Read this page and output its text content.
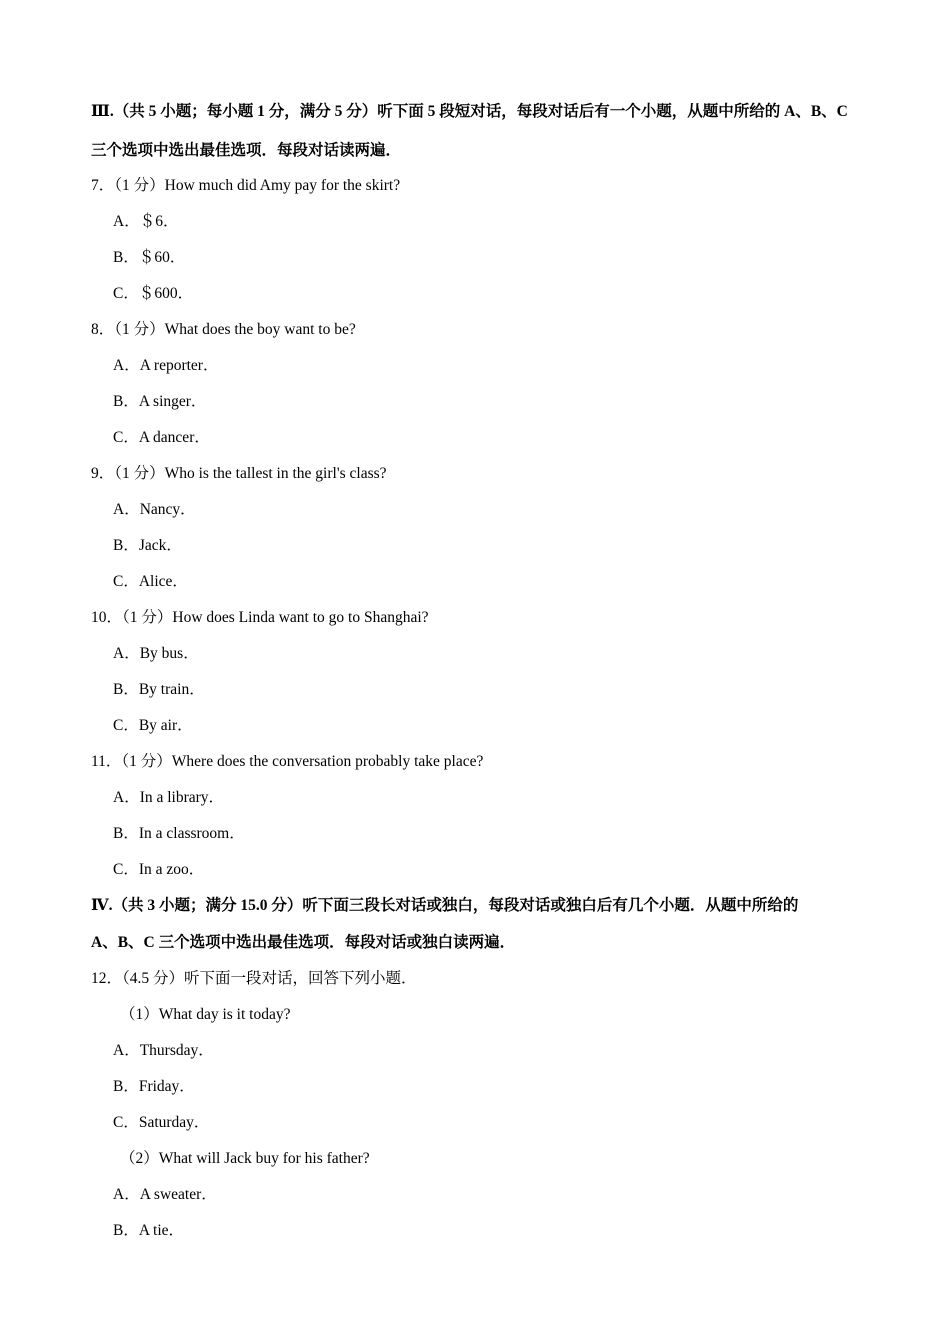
Ⅲ.（共 5 小题；每小题 1 分，满分 5 分）听下面 5 段短对话，每段对话后有一个小题，从题中所给的 A、B、C
三个选项中选出最佳选项．每段对话读两遍．
7．（1 分）How much did Amy pay for the skirt?
A．＄6．
B．＄60．
C．＄600．
8．（1 分）What does the boy want to be?
A．A reporter．
B．A singer．
C．A dancer．
9．（1 分）Who is the tallest in the girl's class?
A．Nancy．
B．Jack．
C．Alice．
10．（1 分）How does Linda want to go to Shanghai?
A．By bus．
B．By train．
C．By air．
11．（1 分）Where does the conversation probably take place?
A．In a library．
B．In a classroom．
C．In a zoo．
Ⅳ.（共 3 小题；满分 15.0 分）听下面三段长对话或独白，每段对话或独白后有几个小题．从题中所给的
A、B、C 三个选项中选出最佳选项．每段对话或独白读两遍．
12．（4.5 分）听下面一段对话，回答下列小题．
（1）What day is it today?
A．Thursday．
B．Friday．
C．Saturday．
（2）What will Jack buy for his father?
A．A sweater．
B．A tie．
